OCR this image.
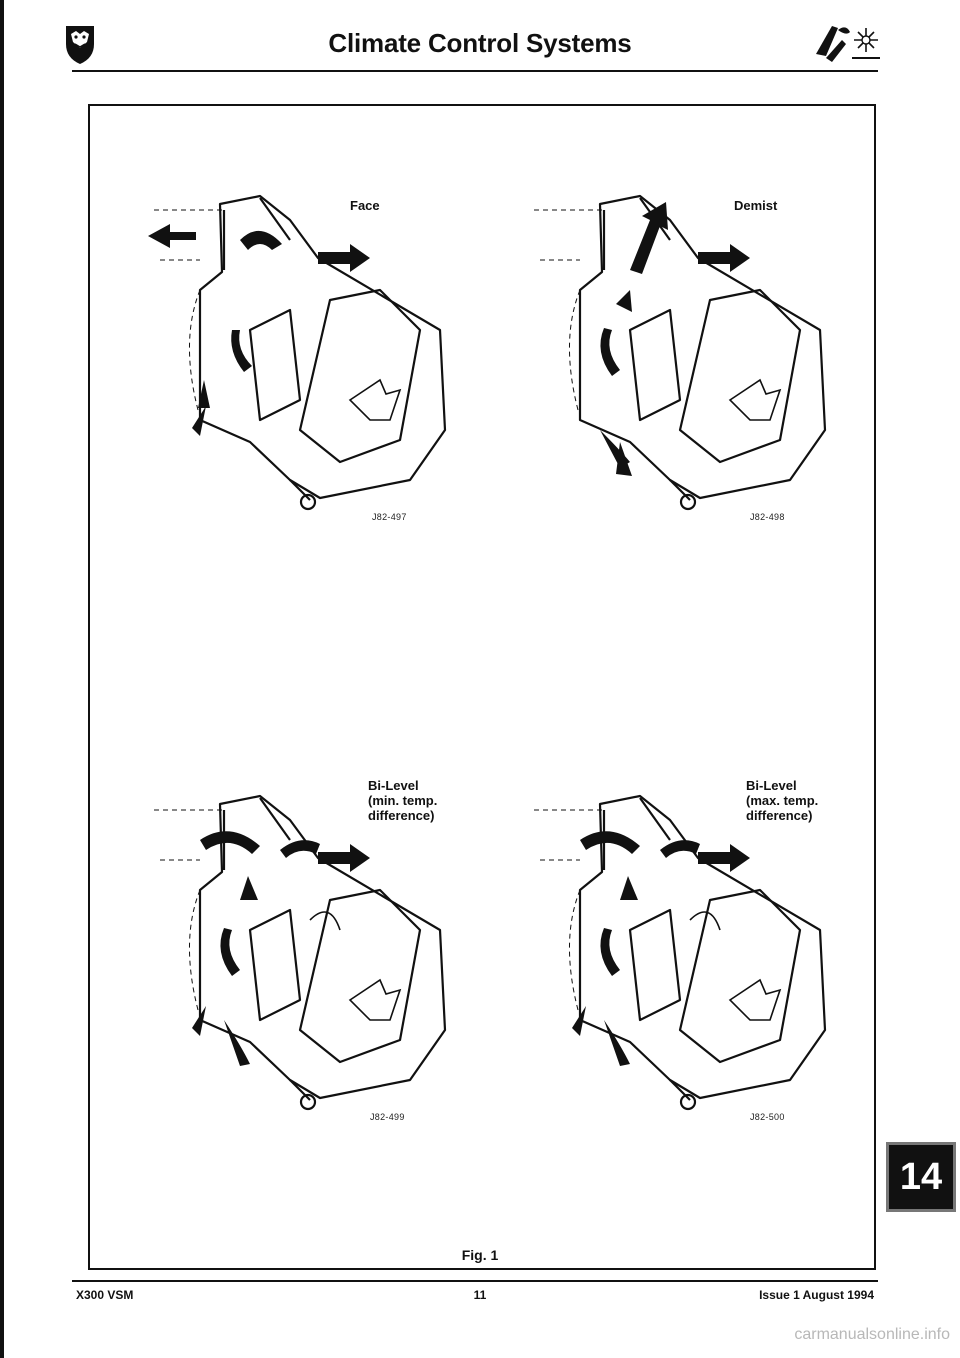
Climate Control Systems
Face
J82-497
Demist
J82-498
Bi-Level
(min. temp.
difference)
J82-499
Bi-Level
(max. temp.
difference)
J82-500
Fig. 1
14
X300 VSM	11	Issue 1 August 1994
carmanualsonline.info
